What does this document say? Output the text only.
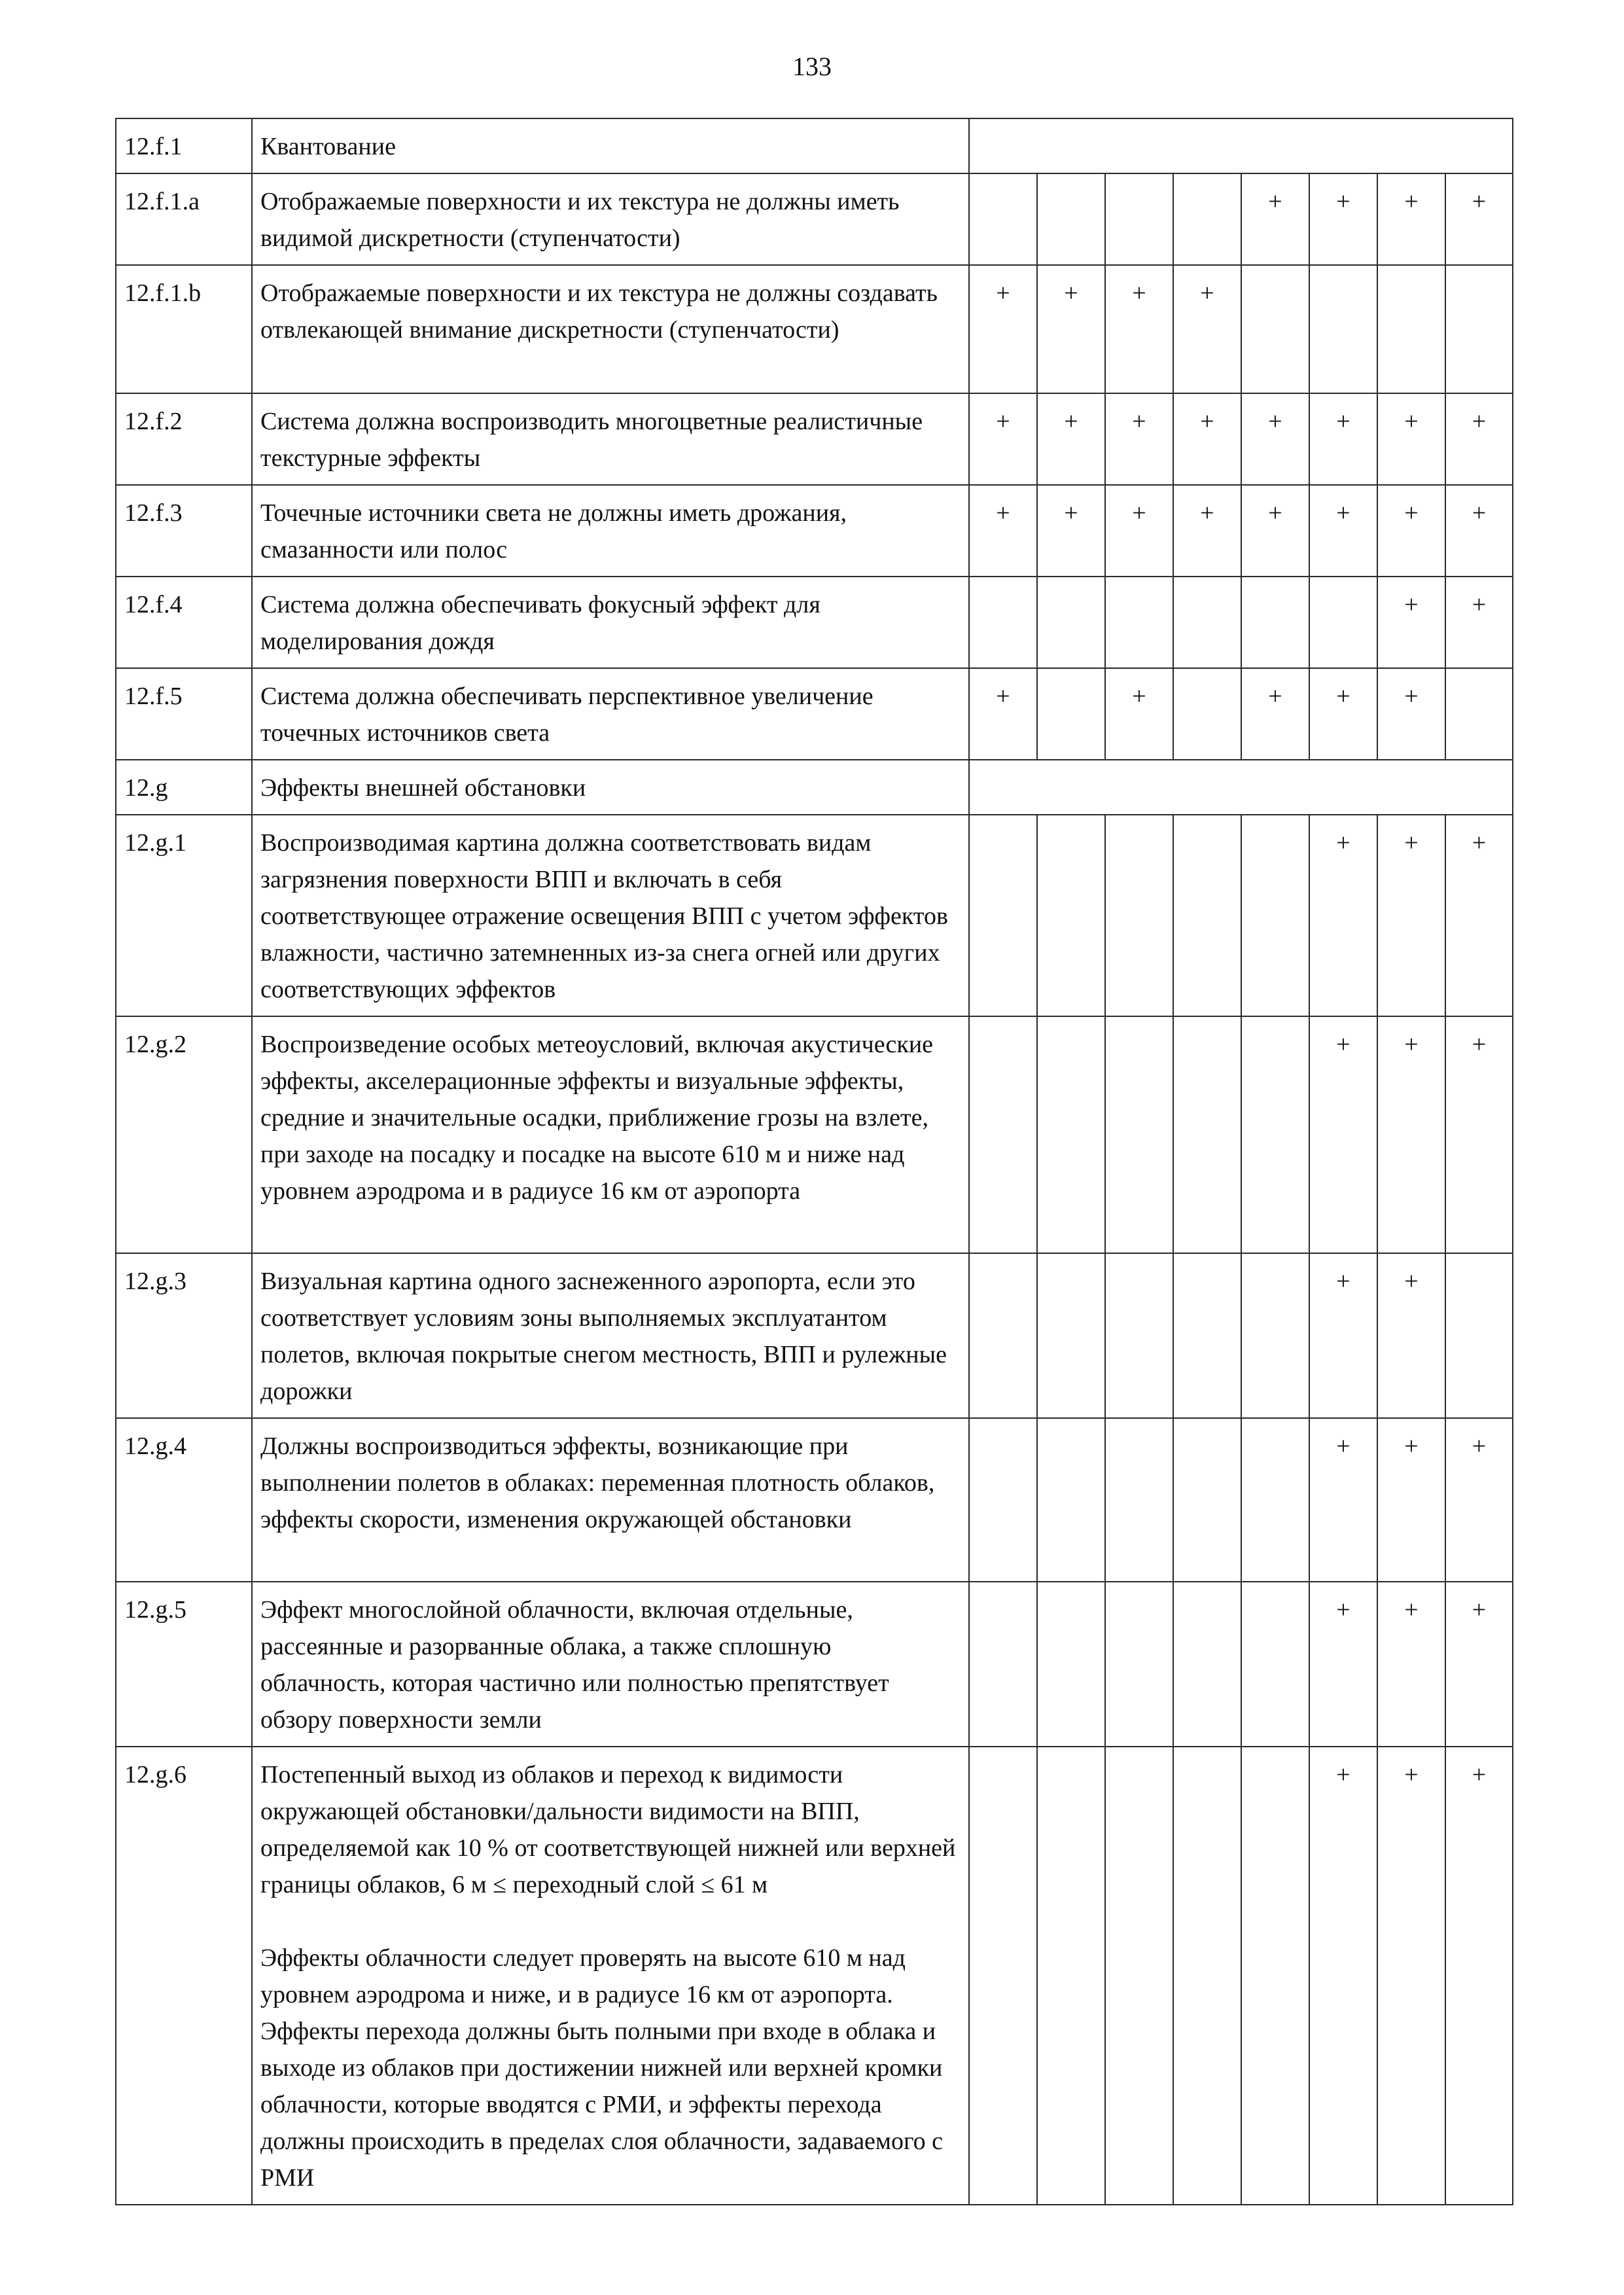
133
12.f.1	Квантование								

12.f.1.a	Отображаемые поверхности и их текстура не должны иметь видимой дискретности (ступенчатости)					+	+	+	+
12.f.1.b	Отображаемые поверхности и их текстура не должны создавать отвлекающей внимание дискретности (ступенчатости)	+	+	+	+				
12.f.2	Система должна воспроизводить многоцветные реалистичные текстурные эффекты	+	+	+	+	+	+	+	+
12.f.3	Точечные источники света не должны иметь дрожания, смазанности или полос	+	+	+	+	+	+	+	+
12.f.4	Система должна обеспечивать фокусный эффект для моделирования дождя							+	+
12.f.5	Система должна обеспечивать перспективное увеличение точечных источников света	+		+		+	+	+	
12.g	Эффекты внешней обстановки								

12.g.1	Воспроизводимая картина должна соответствовать видам загрязнения поверхности ВПП и включать в себя соответствующее отражение освещения ВПП с учетом эффектов влажности, частично затемненных из-за снега огней или других соответствующих эффектов						+	+	+
12.g.2	Воспроизведение особых метеоусловий, включая акустические эффекты, акселерационные эффекты и визуальные эффекты, средние и значительные осадки, приближение грозы на взлете, при заходе на посадку и посадке на высоте 610 м и ниже над уровнем аэродрома и в радиусе 16 км от аэропорта						+	+	+
12.g.3	Визуальная картина одного заснеженного аэропорта, если это соответствует условиям зоны выполняемых эксплуатантом полетов, включая покрытые снегом местность, ВПП и рулежные дорожки						+	+	
12.g.4	Должны воспроизводиться эффекты, возникающие при выполнении полетов в облаках: переменная плотность облаков, эффекты скорости, изменения окружающей обстановки						+	+	+
12.g.5	Эффект многослойной облачности, включая отдельные, рассеянные и разорванные облака, а также сплошную облачность, которая частично или полностью препятствует обзору поверхности земли						+	+	+
12.g.6	Постепенный выход из облаков и переход к видимости окружающей обстановки/дальности видимости на ВПП, определяемой как 10 % от соответствующей нижней или верхней границы облаков, 6 м ≤ переходный слой ≤ 61 м
Эффекты облачности следует проверять на высоте 610 м над уровнем аэродрома и ниже, и в радиусе 16 км от аэропорта. Эффекты перехода должны быть полными при входе в облака и выходе из облаков при достижении нижней или верхней кромки облачности, которые вводятся с РМИ, и эффекты перехода должны происходить в пределах слоя облачности, задаваемого с РМИ						+	+	+
